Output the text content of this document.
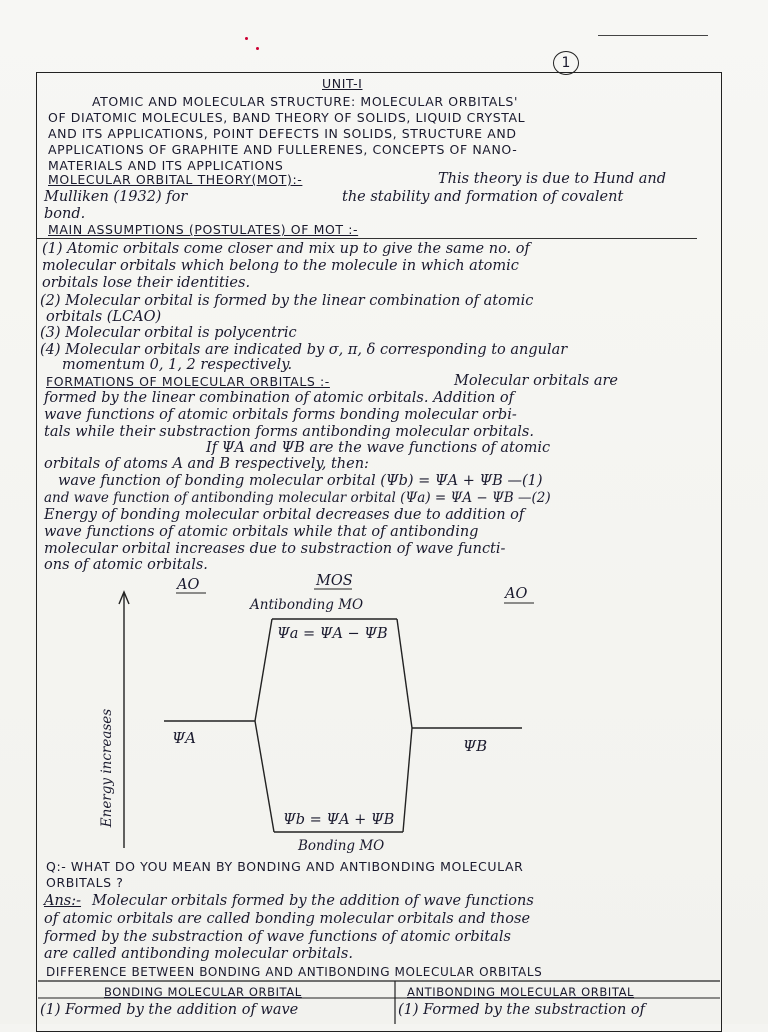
1
UNIT-I
ATOMIC AND MOLECULAR STRUCTURE: MOLECULAR ORBITALS'
OF DIATOMIC MOLECULES, BAND THEORY OF SOLIDS, LIQUID CRYSTAL
AND ITS APPLICATIONS, POINT DEFECTS IN SOLIDS, STRUCTURE AND
APPLICATIONS OF GRAPHITE AND FULLERENES, CONCEPTS OF NANO-
MATERIALS AND ITS APPLICATIONS
MOLECULAR ORBITAL THEORY(MOT):-	This theory is due to Hund and
Mulliken (1932) for	the stability and formation of covalent
bond.
MAIN ASSUMPTIONS (POSTULATES) OF MOT :-
(1) Atomic orbitals come closer and mix up to give the same no. of
molecular orbitals which belong to the molecule in which atomic
orbitals lose their identities.
(2) Molecular orbital is formed by the linear combination of atomic
orbitals (LCAO)
(3) Molecular orbital is polycentric
(4) Molecular orbitals are indicated by σ, π, δ corresponding to angular
momentum 0, 1, 2 respectively.
FORMATIONS OF MOLECULAR ORBITALS :-	Molecular orbitals are
formed by the linear combination of atomic orbitals. Addition of
wave functions of atomic orbitals forms bonding molecular orbi-
tals while their substraction forms antibonding molecular orbitals.
If ΨA and ΨB are the wave functions of atomic
orbitals of atoms A and B respectively, then:
wave function of bonding molecular orbital (Ψb) = ΨA + ΨB —(1)
and wave function of antibonding molecular orbital (Ψa) = ΨA − ΨB —(2)
Energy of bonding molecular orbital decreases due to addition of
wave functions of atomic orbitals while that of antibonding
molecular orbital increases due to substraction of wave functi-
ons of atomic orbitals.
AO	MOS
AO
Antibonding MO
Ψa = ΨA − ΨB
ΨA	ΨB
Ψb = ΨA + ΨB
Bonding MO
Energy increases
Q:- WHAT DO YOU MEAN BY BONDING AND ANTIBONDING MOLECULAR
ORBITALS ?
Ans:- Molecular orbitals formed by the addition of wave functions
of atomic orbitals are called bonding molecular orbitals and those
formed by the substraction of wave functions of atomic orbitals
are called antibonding molecular orbitals.
DIFFERENCE BETWEEN BONDING AND ANTIBONDING MOLECULAR ORBITALS
BONDING MOLECULAR ORBITAL	ANTIBONDING MOLECULAR ORBITAL
(1) Formed by the addition of wave	(1) Formed by the substraction of
